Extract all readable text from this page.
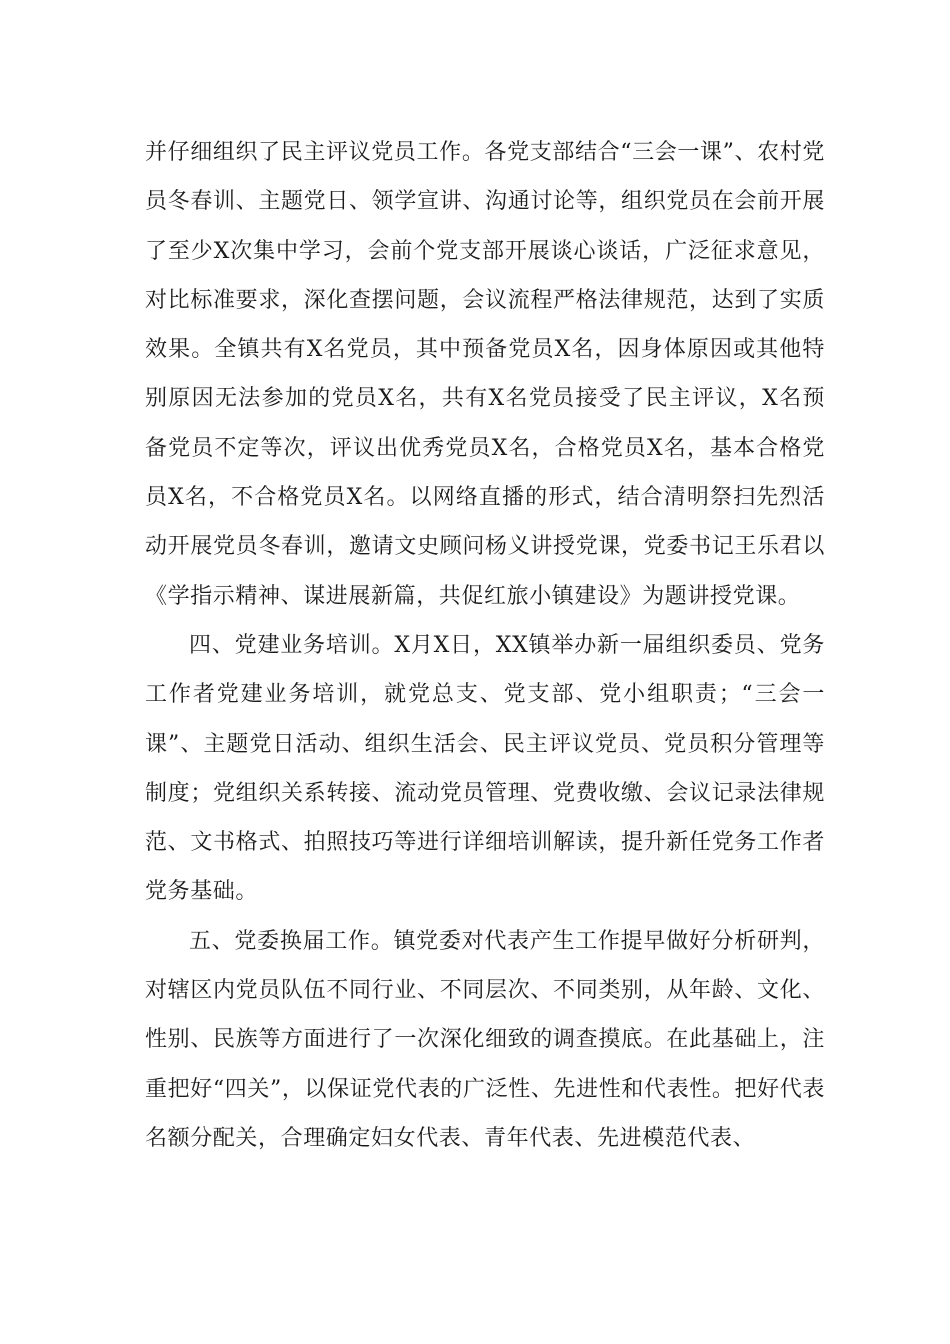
并仔细组织了民主评议党员工作。各党支部结合“三会一课”、农村党员冬春训、主题党日、领学宣讲、沟通讨论等，组织党员在会前开展了至少X次集中学习，会前个党支部开展谈心谈话，广泛征求意见，对比标准要求，深化查摆问题，会议流程严格法律规范，达到了实质效果。全镇共有X名党员，其中预备党员X名，因身体原因或其他特别原因无法参加的党员X名，共有X名党员接受了民主评议，X名预备党员不定等次，评议出优秀党员X名，合格党员X名，基本合格党员X名，不合格党员X名。以网络直播的形式，结合清明祭扫先烈活动开展党员冬春训，邀请文史顾问杨义讲授党课，党委书记王乐君以《学指示精神、谋进展新篇，共促红旅小镇建设》为题讲授党课。

四、党建业务培训。X月X日，XX镇举办新一届组织委员、党务工作者党建业务培训，就党总支、党支部、党小组职责；“三会一课”、主题党日活动、组织生活会、民主评议党员、党员积分管理等制度；党组织关系转接、流动党员管理、党费收缴、会议记录法律规范、文书格式、拍照技巧等进行详细培训解读，提升新任党务工作者党务基础。

五、党委换届工作。镇党委对代表产生工作提早做好分析研判，对辖区内党员队伍不同行业、不同层次、不同类别，从年龄、文化、性别、民族等方面进行了一次深化细致的调查摸底。在此基础上，注重把好“四关”，以保证党代表的广泛性、先进性和代表性。把好代表名额分配关，合理确定妇女代表、青年代表、先进模范代表、
